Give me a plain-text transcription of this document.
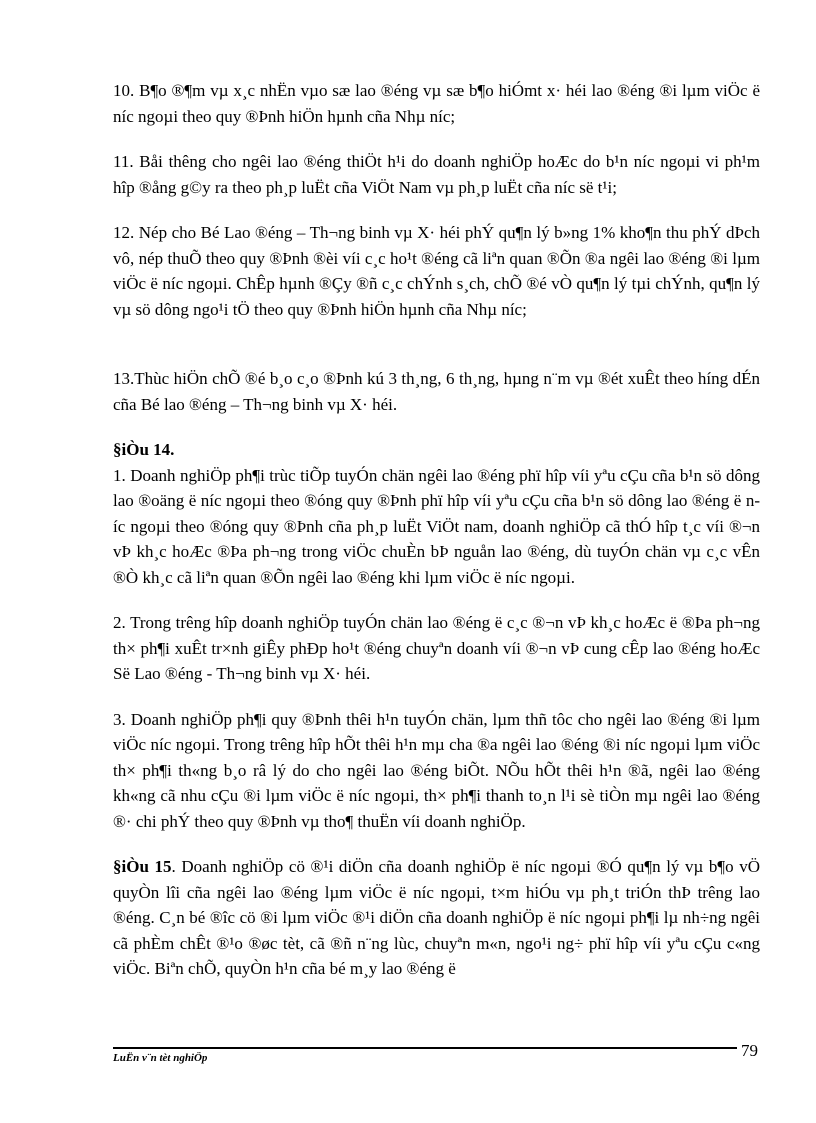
10. B¶o ®¶m vµ x¸c nhËn vµo sæ lao ®éng vµ sæ b¶o hiÓmt x· héi lao ®éng ®i lµm viÖc ë níc ngoµi theo quy ®Þnh hiÖn hµnh cña Nhµ níc;

11. Båi thêng cho ngêi lao ®éng thiÖt h¹i do doanh nghiÖp hoÆc do b¹n níc ngoµi vi ph¹m hîp ®ång g©y ra theo ph¸p luËt cña ViÖt Nam vµ ph¸p luËt cña níc së t¹i;

12. Nép cho Bé Lao ®éng – Th¬ng binh vµ X· héi phÝ qu¶n lý b»ng 1% kho¶n thu phÝ dÞch vô, nép thuÕ theo quy ®Þnh ®èi víi c¸c ho¹t ®éng cã liªn quan ®Õn ®a ngêi lao ®éng ®i lµm viÖc ë níc ngoµi. ChÊp hµnh ®Çy ®ñ c¸c chÝnh s¸ch, chÕ ®é vÒ qu¶n lý tµi chÝnh, qu¶n lý vµ sö dông ngo¹i tÖ theo quy ®Þnh hiÖn hµnh cña Nhµ níc;

13.Thùc hiÖn chÕ ®é b¸o c¸o ®Þnh kú 3 th¸ng, 6 th¸ng, hµng n¨m vµ ®ét xuÊt theo híng dÉn cña Bé lao ®éng – Th¬ng binh vµ X· héi.

§iÒu 14.

1. Doanh nghiÖp ph¶i trùc tiÕp tuyÓn chän ngêi lao ®éng phï hîp víi yªu cÇu cña b¹n sö dông lao ®oäng ë níc ngoµi theo ®óng quy ®Þnh phï hîp víi yªu cÇu cña b¹n sö dông lao ®éng ë níc ngoµi theo ®óng quy ®Þnh cña ph¸p luËt ViÖt nam, doanh nghiÖp cã thÓ hîp t¸c víi ®¬n vÞ kh¸c hoÆc ®Þa ph¬ng trong viÖc chuÈn bÞ nguån lao ®éng, dù tuyÓn chän vµ c¸c vÊn ®Ò kh¸c cã liªn quan ®Õn ngêi lao ®éng khi lµm viÖc ë níc ngoµi.

2. Trong trêng hîp doanh nghiÖp tuyÓn chän lao ®éng ë c¸c ®¬n vÞ kh¸c hoÆc ë ®Þa ph¬ng th× ph¶i xuÊt tr×nh giÊy phÐp ho¹t ®éng chuyªn doanh víi ®¬n vÞ cung cÊp lao ®éng hoÆc Së Lao ®éng - Th¬ng binh vµ X· héi.

3. Doanh nghiÖp ph¶i quy ®Þnh thêi h¹n tuyÓn chän, lµm thñ tôc cho ngêi lao ®éng ®i lµm viÖc níc ngoµi. Trong trêng hîp hÕt thêi h¹n mµ cha ®a ngêi lao ®éng ®i níc ngoµi lµm viÖc th× ph¶i th«ng b¸o râ lý do cho ngêi lao ®éng biÕt. NÕu hÕt thêi h¹n ®ã, ngêi lao ®éng kh«ng cã nhu cÇu ®i lµm viÖc ë níc ngoµi, th× ph¶i thanh to¸n l¹i sè tiÒn mµ ngêi lao ®éng ®· chi phÝ theo quy ®Þnh vµ tho¶ thuËn víi doanh nghiÖp.

§iÒu 15. Doanh nghiÖp cö ®¹i diÖn cña doanh nghiÖp ë níc ngoµi ®Ó qu¶n lý vµ b¶o vÖ quyÒn lîi cña ngêi lao ®éng lµm viÖc ë níc ngoµi, t×m hiÓu vµ ph¸t triÓn thÞ trêng lao ®éng. C¸n bé ®îc cö ®i lµm viÖc ®¹i diÖn cña doanh nghiÖp ë níc ngoµi ph¶i lµ nh÷ng ngêi cã phÈm chÊt ®¹o ®øc tèt, cã ®ñ n¨ng lùc, chuyªn m«n, ngo¹i ng÷ phï hîp víi yªu cÇu c«ng viÖc. Biªn chÕ, quyÒn h¹n cña bé m¸y lao ®éng ë

LuËn v¨n tèt nghiÖp	79
